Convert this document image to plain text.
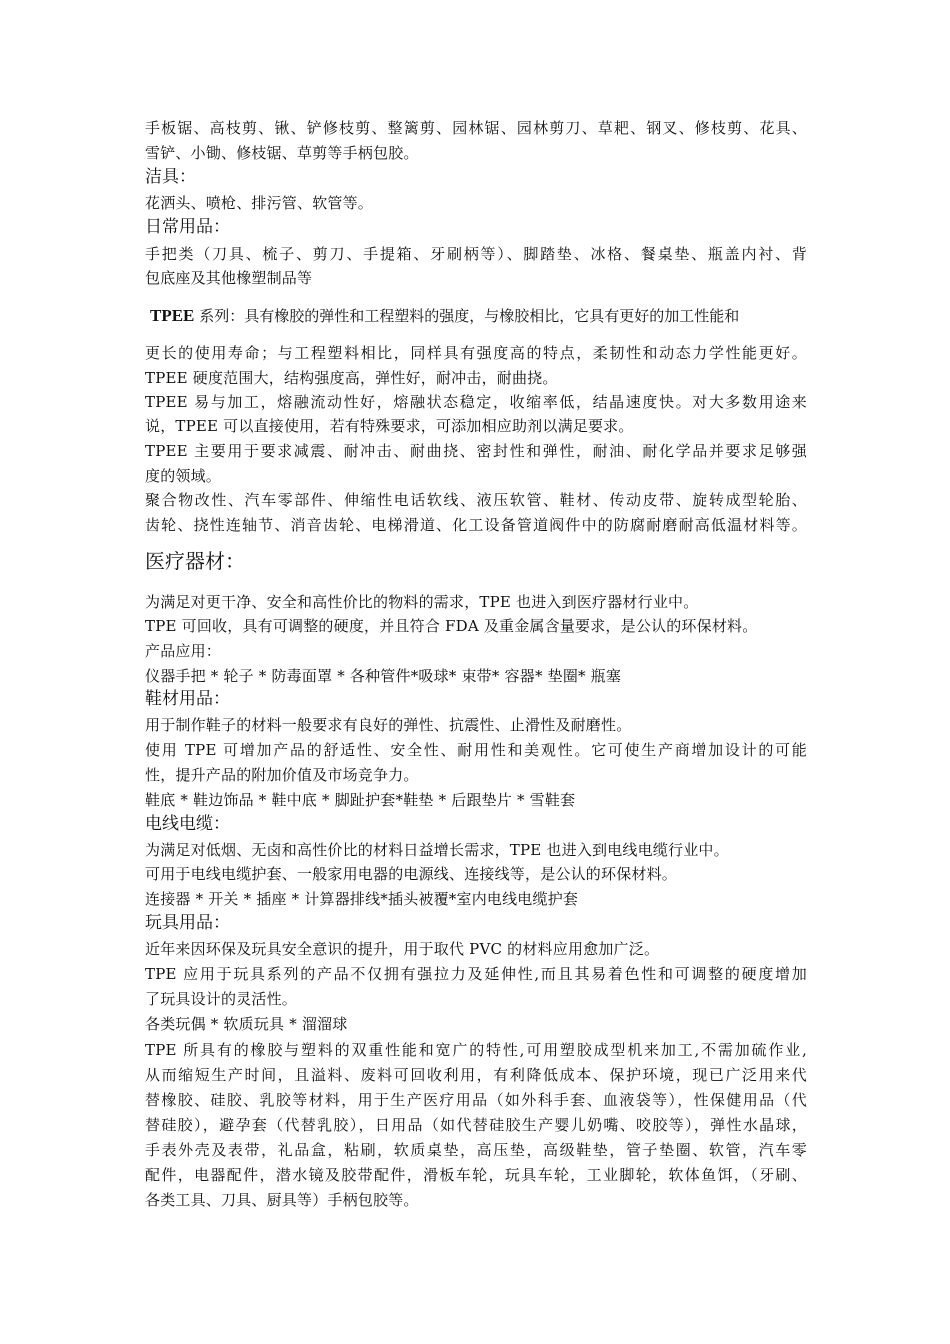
手板锯、高枝剪、锹、铲修枝剪、整篱剪、园林锯、园林剪刀、草耙、钢叉、修枝剪、花具、
雪铲、小锄、修枝锯、草剪等手柄包胶。
洁具：
花洒头、喷枪、排污管、软管等。
日常用品：
手把类（刀具、梳子、剪刀、手提箱、牙刷柄等）、脚踏垫、冰格、餐桌垫、瓶盖内衬、背
包底座及其他橡塑制品等
TPEE 系列：具有橡胶的弹性和工程塑料的强度，与橡胶相比，它具有更好的加工性能和
更长的使用寿命；与工程塑料相比，同样具有强度高的特点，柔韧性和动态力学性能更好。
TPEE 硬度范围大，结构强度高，弹性好，耐冲击，耐曲挠。
TPEE 易与加工，熔融流动性好，熔融状态稳定，收缩率低，结晶速度快。对大多数用途来
说，TPEE 可以直接使用，若有特殊要求，可添加相应助剂以满足要求。
TPEE 主要用于要求减震、耐冲击、耐曲挠、密封性和弹性，耐油、耐化学品并要求足够强
度的领域。
聚合物改性、汽车零部件、伸缩性电话软线、液压软管、鞋材、传动皮带、旋转成型轮胎、
齿轮、挠性连轴节、消音齿轮、电梯滑道、化工设备管道阀件中的防腐耐磨耐高低温材料等。
医疗器材：
为满足对更干净、安全和高性价比的物料的需求，TPE 也进入到医疗器材行业中。
TPE 可回收，具有可调整的硬度，并且符合 FDA 及重金属含量要求，是公认的环保材料。
产品应用：
仪器手把 * 轮子 * 防毒面罩 * 各种管件*吸球* 束带* 容器* 垫圈* 瓶塞
鞋材用品：
用于制作鞋子的材料一般要求有良好的弹性、抗震性、止滑性及耐磨性。
使用 TPE 可增加产品的舒适性、安全性、耐用性和美观性。它可使生产商增加设计的可能
性，提升产品的附加价值及市场竞争力。
鞋底 * 鞋边饰品 * 鞋中底 * 脚趾护套*鞋垫 * 后跟垫片 * 雪鞋套
电线电缆：
为满足对低烟、无卤和高性价比的材料日益增长需求，TPE 也进入到电线电缆行业中。
可用于电线电缆护套、一般家用电器的电源线、连接线等，是公认的环保材料。
连接器 * 开关 * 插座 * 计算器排线*插头被覆*室内电线电缆护套
玩具用品：
近年来因环保及玩具安全意识的提升，用于取代 PVC 的材料应用愈加广泛。
TPE 应用于玩具系列的产品不仅拥有强拉力及延伸性,而且其易着色性和可调整的硬度增加
了玩具设计的灵活性。
各类玩偶 * 软质玩具 * 溜溜球
TPE 所具有的橡胶与塑料的双重性能和宽广的特性,可用塑胶成型机来加工,不需加硫作业,
从而缩短生产时间，且溢料、废料可回收利用，有利降低成本、保护环境，现已广泛用来代
替橡胶、硅胶、乳胶等材料，用于生产医疗用品（如外科手套、血液袋等），性保健用品（代
替硅胶），避孕套（代替乳胶），日用品（如代替硅胶生产婴儿奶嘴、咬胶等），弹性水晶球，
手表外壳及表带，礼品盒，粘刷，软质桌垫，高压垫，高级鞋垫，管子垫圈、软管，汽车零
配件，电器配件，潜水镜及胶带配件，滑板车轮，玩具车轮，工业脚轮，软体鱼饵，（牙刷、
各类工具、刀具、厨具等）手柄包胶等。
